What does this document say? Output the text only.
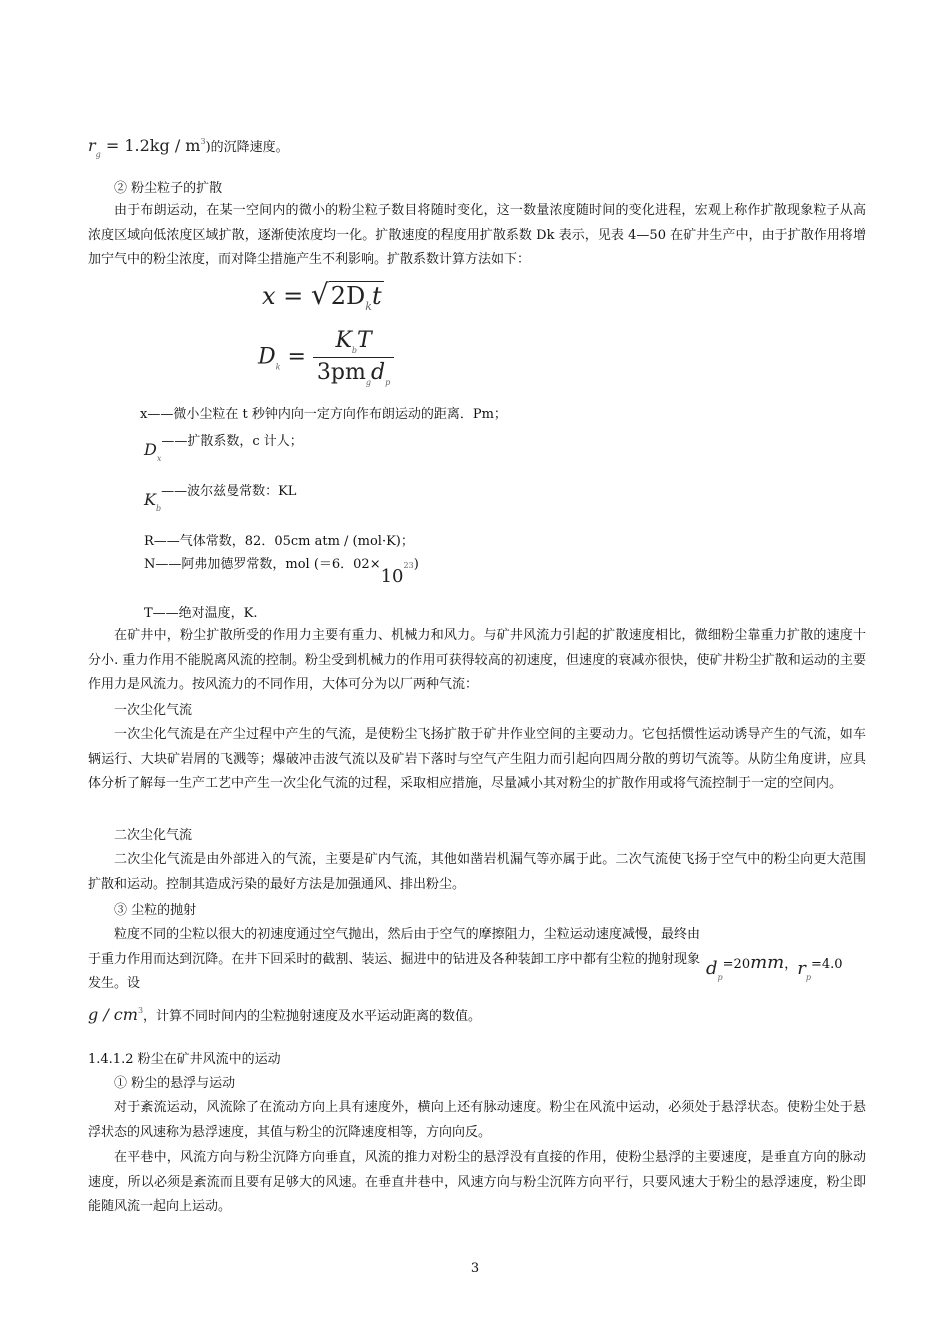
$r_g = 1.2kg / m^3$)的沉降速度。
② 粉尘粒子的扩散
由于布朗运动，在某一空间内的微小的粉尘粒子数目将随时变化，这一数量浓度随时间的变化进程，宏观上称作扩散现象粒子从高浓度区域向低浓度区域扩散，逐渐使浓度均一化。扩散速度的程度用扩散系数 Dk 表示，见表 4—50 在矿井生产中，由于扩散作用将增加宁气中的粉尘浓度，而对降尘措施产生不利影响。扩散系数计算方法如下：
$x = √2D_kt$
$D_k = \frac{K_bT}{3pm_gd_p}$
x——微小尘粒在 t 秒钟内向一定方向作布朗运动的距离．Pm；
$D_x——$扩散系数，c 计人；
$K_b——$波尔兹曼常数：KL
R——气体常数，82．05cm atm / (mol·K)；
N——阿弗加德罗常数，mol (＝6．02×1023)
T——绝对温度，K.
在矿井中，粉尘扩散所受的作用力主要有重力、机械力和风力。与矿井风流力引起的扩散速度相比，微细粉尘靠重力扩散的速度十分小. 重力作用不能脱离风流的控制。粉尘受到机械力的作用可获得较高的初速度，但速度的衰减亦很快，使矿井粉尘扩散和运动的主要作用力是风流力。按风流力的不同作用，大体可分为以厂两种气流：
一次尘化气流
一次尘化气流是在产尘过程中产生的气流，是使粉尘飞扬扩散于矿井作业空间的主要动力。它包括惯性运动诱导产生的气流，如车辆运行、大块矿岩屑的飞溅等；爆破冲击波气流以及矿岩下落时与空气产生阻力而引起向四周分散的剪切气流等。从防尘角度讲，应具体分析了解每一生产工艺中产生一次尘化气流的过程，采取相应措施，尽量减小其对粉尘的扩散作用或将气流控制于一定的空间内。
二次尘化气流
二次尘化气流是由外部进入的气流，主要是矿内气流，其他如凿岩机漏气等亦属于此。二次气流使飞扬于空气中的粉尘向更大范围扩散和运动。控制其造成污染的最好方法是加强通风、排出粉尘。
③ 尘粒的抛射
粒度不同的尘粒以很大的初速度通过空气抛出，然后由于空气的摩擦阻力，尘粒运动速度减慢，最终由于重力作用而达到沉降。在井下回采时的截割、装运、掘进中的钻进及各种装卸工序中都有尘粒的抛射现象发生。设
$d_p=20mm$，$r_p=4.0$
g / $cm^3$，计算不同时间内的尘粒抛射速度及水平运动距离的数值。
1.4.1.2 粉尘在矿井风流中的运动
① 粉尘的悬浮与运动
对于紊流运动，风流除了在流动方向上具有速度外，横向上还有脉动速度。粉尘在风流中运动，必须处于悬浮状态。使粉尘处于悬浮状态的风速称为悬浮速度，其值与粉尘的沉降速度相等，方向向反。
在平巷中，风流方向与粉尘沉降方向垂直，风流的推力对粉尘的悬浮没有直接的作用，使粉尘悬浮的主要速度，是垂直方向的脉动速度，所以必须是紊流而且要有足够大的风速。在垂直井巷中，风速方向与粉尘沉阵方向平行，只要风速大于粉尘的悬浮速度，粉尘即能随风流一起向上运动。
3
